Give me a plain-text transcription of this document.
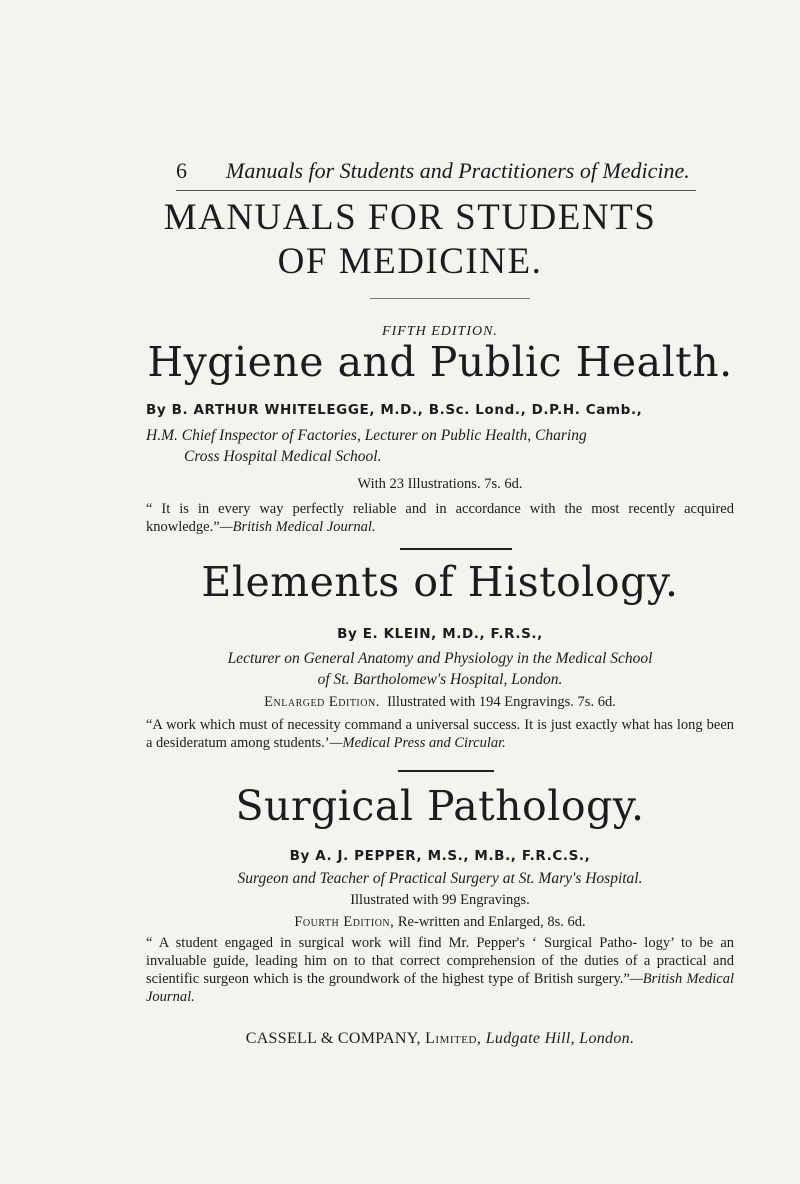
6 Manuals for Students and Practitioners of Medicine.
MANUALS FOR STUDENTS
OF MEDICINE.
FIFTH EDITION.
Hygiene and Public Health.
By B. ARTHUR WHITELEGGE, M.D., B.Sc. Lond., D.P.H. Camb.,
H.M. Chief Inspector of Factories, Lecturer on Public Health, Charing
Cross Hospital Medical School.
With 23 Illustrations. 7s. 6d.
“ It is in every way perfectly reliable and in accordance with the most recently acquired knowledge.”—British Medical Journal.
Elements of Histology.
By E. KLEIN, M.D., F.R.S.,
Lecturer on General Anatomy and Physiology in the Medical School
of St. Bartholomew's Hospital, London.
Enlarged Edition. Illustrated with 194 Engravings. 7s. 6d.
“A work which must of necessity command a universal success. It is just exactly what has long been a desideratum among students.’—Medical Press and Circular.
Surgical Pathology.
By A. J. PEPPER, M.S., M.B., F.R.C.S.,
Surgeon and Teacher of Practical Surgery at St. Mary's Hospital.
Illustrated with 99 Engravings.
Fourth Edition, Re-written and Enlarged, 8s. 6d.
“ A student engaged in surgical work will find Mr. Pepper's ‘ Surgical Patho- logy’ to be an invaluable guide, leading him on to that correct comprehension of the duties of a practical and scientific surgeon which is the groundwork of the highest type of British surgery.”—British Medical Journal.
CASSELL & COMPANY, Limited, Ludgate Hill, London.
